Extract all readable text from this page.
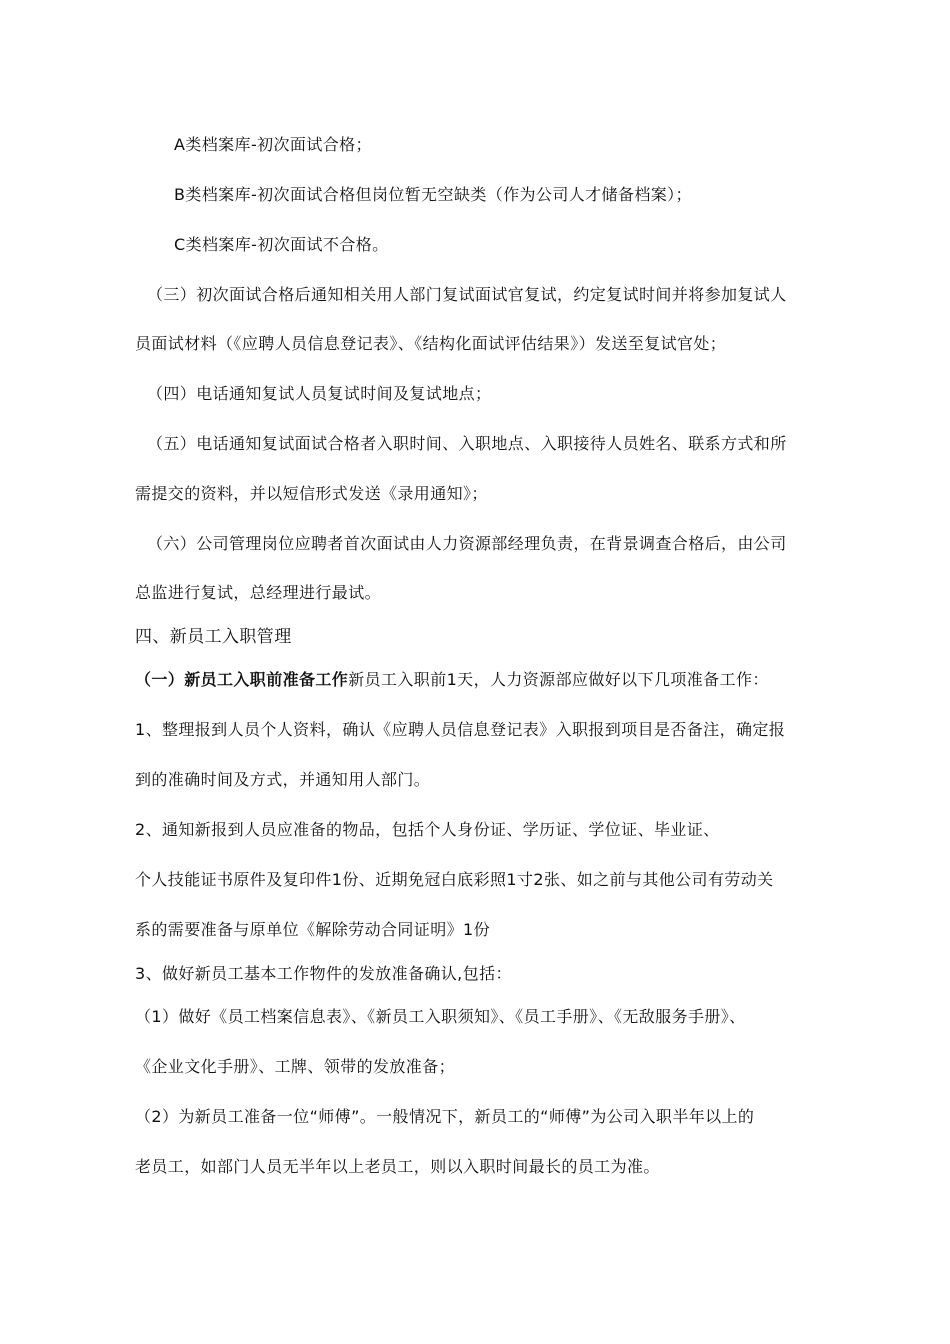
A类档案库-初次面试合格；
B类档案库-初次面试合格但岗位暂无空缺类（作为公司人才储备档案）；
C类档案库-初次面试不合格。
（三）初次面试合格后通知相关用人部门复试面试官复试，约定复试时间并将参加复试人
员面试材料（《应聘人员信息登记表》、《结构化面试评估结果》）发送至复试官处；
（四）电话通知复试人员复试时间及复试地点；
（五）电话通知复试面试合格者入职时间、入职地点、入职接待人员姓名、联系方式和所
需提交的资料，并以短信形式发送《录用通知》；
（六）公司管理岗位应聘者首次面试由人力资源部经理负责，在背景调查合格后，由公司
总监进行复试，总经理进行最试。
四、新员工入职管理
（一）新员工入职前准备工作新员工入职前1天，人力资源部应做好以下几项准备工作：
1、整理报到人员个人资料，确认《应聘人员信息登记表》入职报到项目是否备注，确定报
到的准确时间及方式，并通知用人部门。
2、通知新报到人员应准备的物品，包括个人身份证、学历证、学位证、毕业证、
个人技能证书原件及复印件1份、近期免冠白底彩照1寸2张、如之前与其他公司有劳动关
系的需要准备与原单位《解除劳动合同证明》1份
3、做好新员工基本工作物件的发放准备确认,包括：
（1）做好《员工档案信息表》、《新员工入职须知》、《员工手册》、《无敌服务手册》、
《企业文化手册》、工牌、领带的发放准备；
（2）为新员工准备一位“师傅”。一般情况下，新员工的“师傅”为公司入职半年以上的
老员工，如部门人员无半年以上老员工，则以入职时间最长的员工为准。
